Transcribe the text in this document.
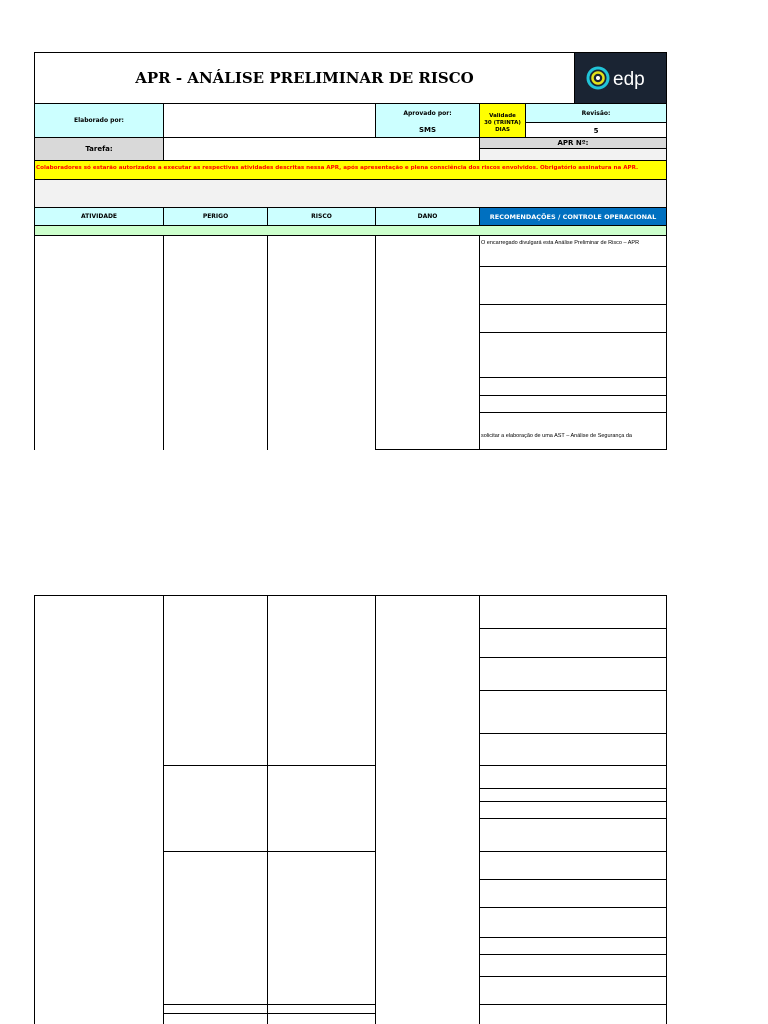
APR - ANÁLISE PRELIMINAR DE RISCO	edp
Elaborado por:
Aprovado por:
SMS
Validade
30 (TRINTA) DIAS
Revisão:
5
Tarefa:
APR Nº:
Colaboradores só estarão autorizados a executar as respectivas atividades descritas nessa APR, após apresentação e plena consciência dos riscos envolvidos. Obrigatório assinatura na APR.
ATIVIDADE	PERIGO	RISCO	DANO	RECOMENDAÇÕES / CONTROLE OPERACIONAL
O encarregado divulgará esta Análise Preliminar de Risco – APR
solicitar a elaboração de uma AST – Análise de Segurança da
